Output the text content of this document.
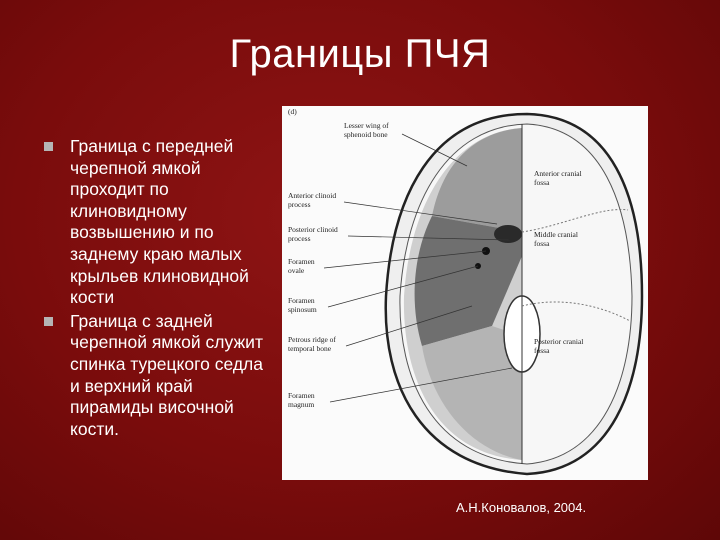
Границы ПЧЯ
Граница с передней черепной ямкой проходит по клиновидному возвышению и по заднему краю малых крыльев клиновидной кости
Граница с задней черепной ямкой служит спинка турецкого седла и верхний край пирамиды височной кости.
(d)
Lesser wing of
sphenoid bone
Anterior clinoid
process
Posterior clinoid
process
Foramen
ovale
Foramen
spinosum
Petrous ridge of
temporal bone
Foramen
magnum
Anterior cranial
fossa
Middle cranial
fossa
Posterior cranial
fossa
А.Н.Коновалов, 2004.
